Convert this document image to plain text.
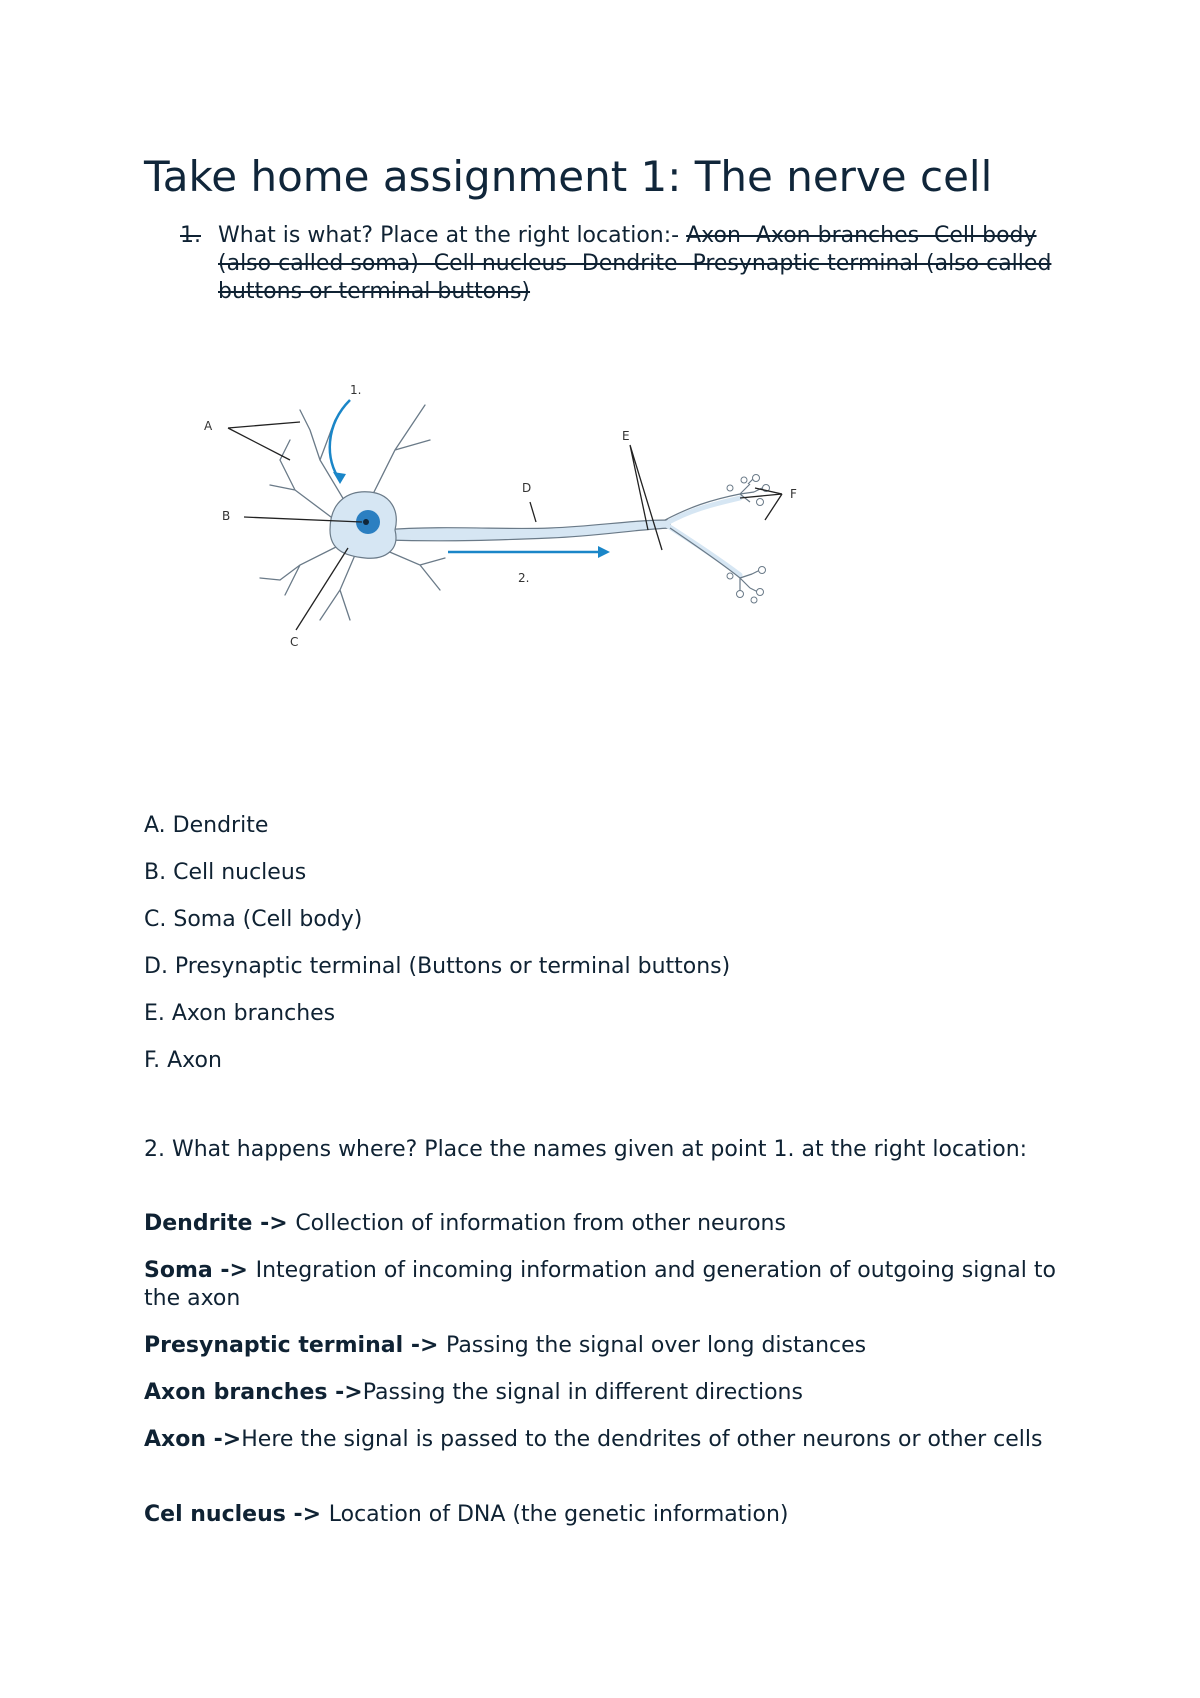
Take home assignment 1: The nerve cell
1. What is what? Place at the right location:- Axon- Axon branches- Cell body (also called soma)- Cell nucleus- Dendrite- Presynaptic terminal (also called buttons or terminal buttons)
1.
A
B
C
D
E
F
2.
A. Dendrite
B. Cell nucleus
C. Soma (Cell body)
D. Presynaptic terminal (Buttons or terminal buttons)
E. Axon branches
F. Axon
2. What happens where? Place the names given at point 1. at the right location:
Dendrite -> Collection of information from other neurons
Soma -> Integration of incoming information and generation of outgoing signal to the axon
Presynaptic terminal -> Passing the signal over long distances
Axon branches ->Passing the signal in different directions
Axon ->Here the signal is passed to the dendrites of other neurons or other cells
Cel nucleus -> Location of DNA (the genetic information)
